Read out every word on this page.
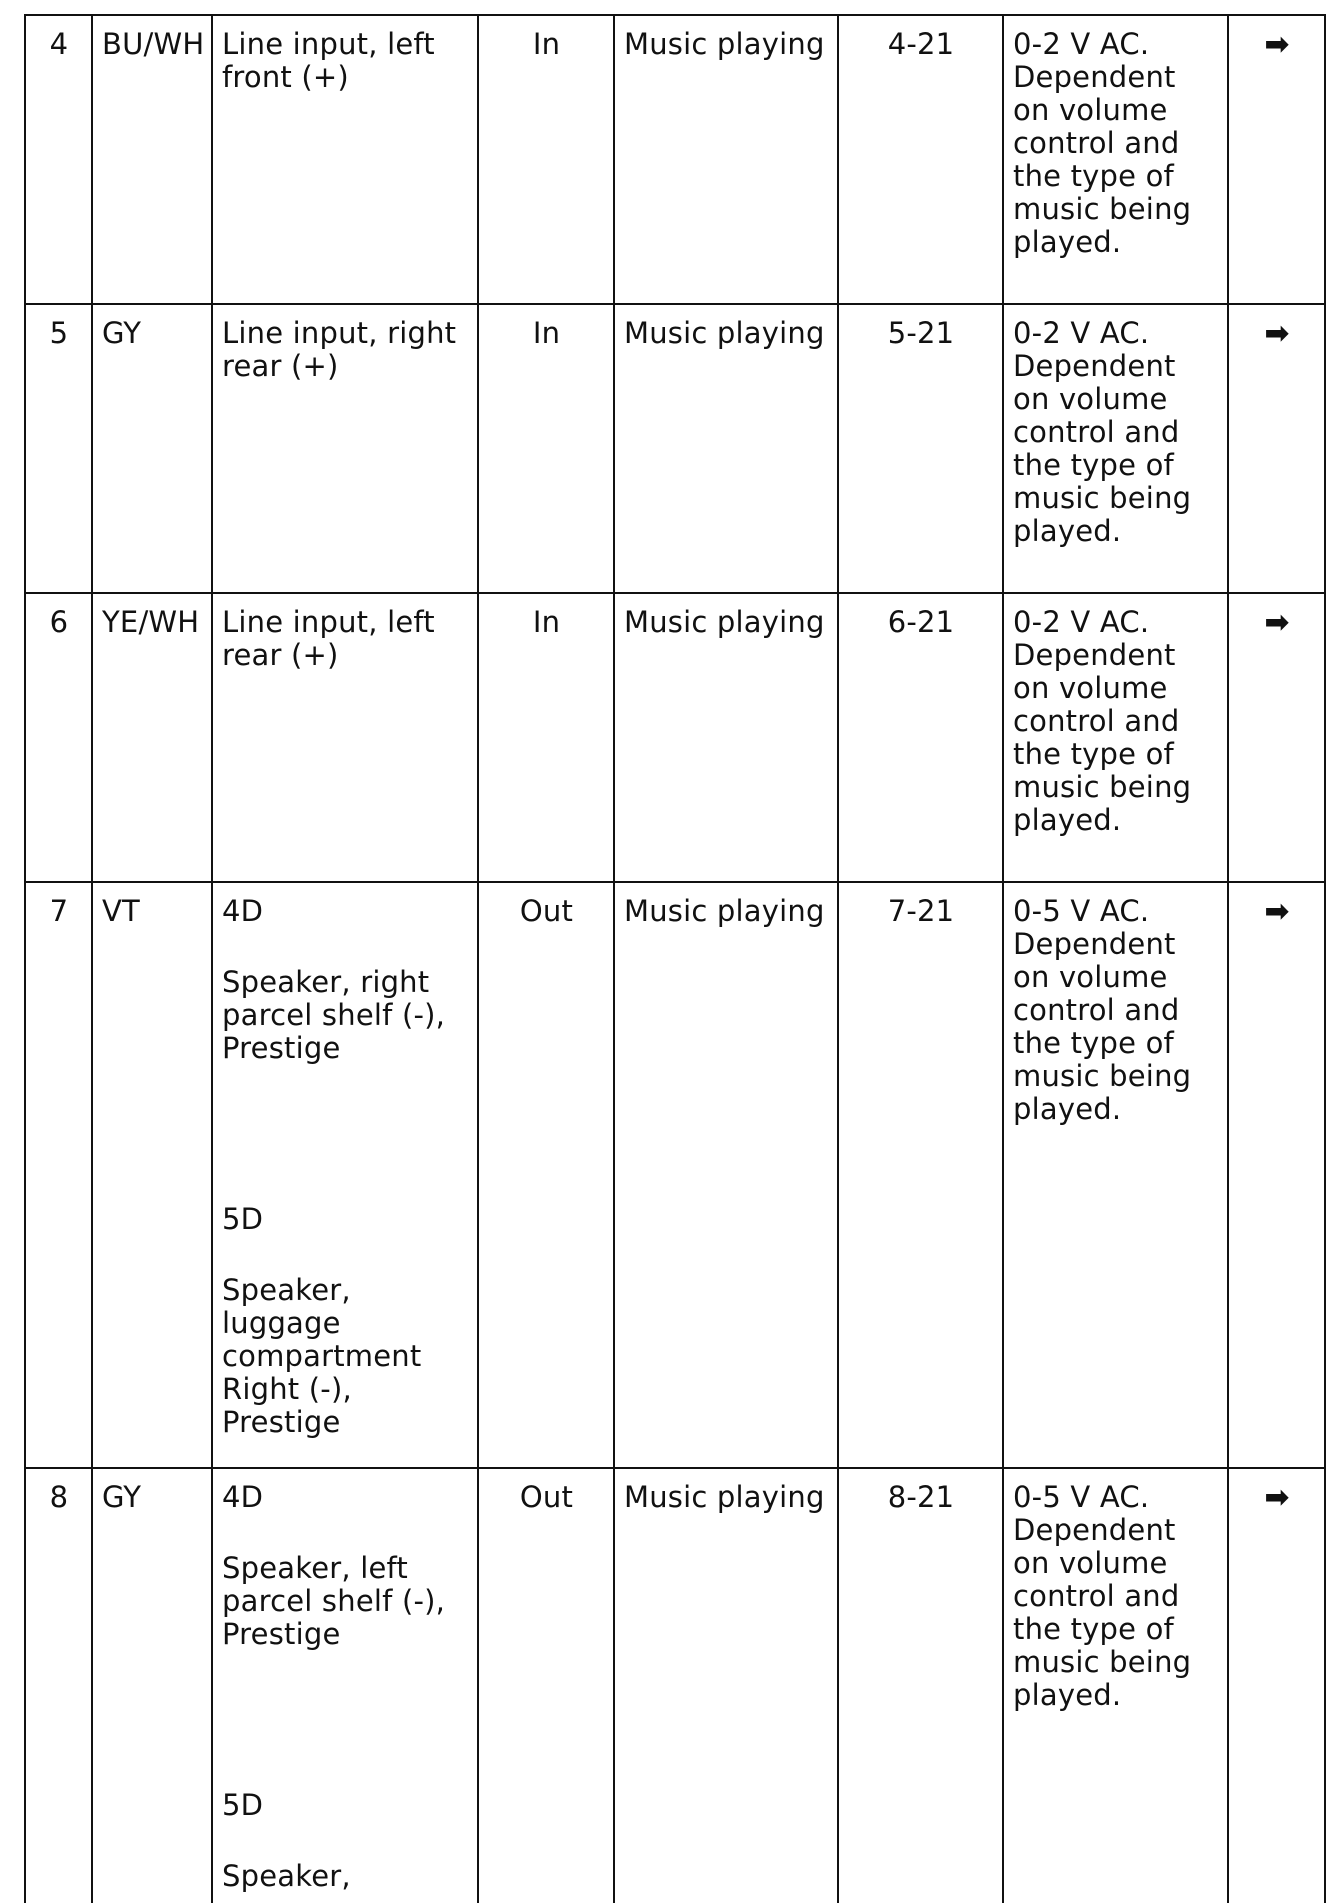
4	BU/WH	Line input, left front (+)	In	Music playing	4-21	0-2 V AC. Dependent on volume control and the type of music being played.	➡
5	GY	Line input, right rear (+)	In	Music playing	5-21	0-2 V AC. Dependent on volume control and the type of music being played.	➡
6	YE/WH	Line input, left rear (+)	In	Music playing	6-21	0-2 V AC. Dependent on volume control and the type of music being played.	➡
7	VT	4D
Speaker, right parcel shelf (-), Prestige
5D
Speaker, luggage compartment Right (-), Prestige	Out	Music playing	7-21	0-5 V AC. Dependent on volume control and the type of music being played.	➡
8	GY	4D
Speaker, left parcel shelf (-), Prestige
5D
Speaker,	Out	Music playing	8-21	0-5 V AC. Dependent on volume control and the type of music being played.	➡
